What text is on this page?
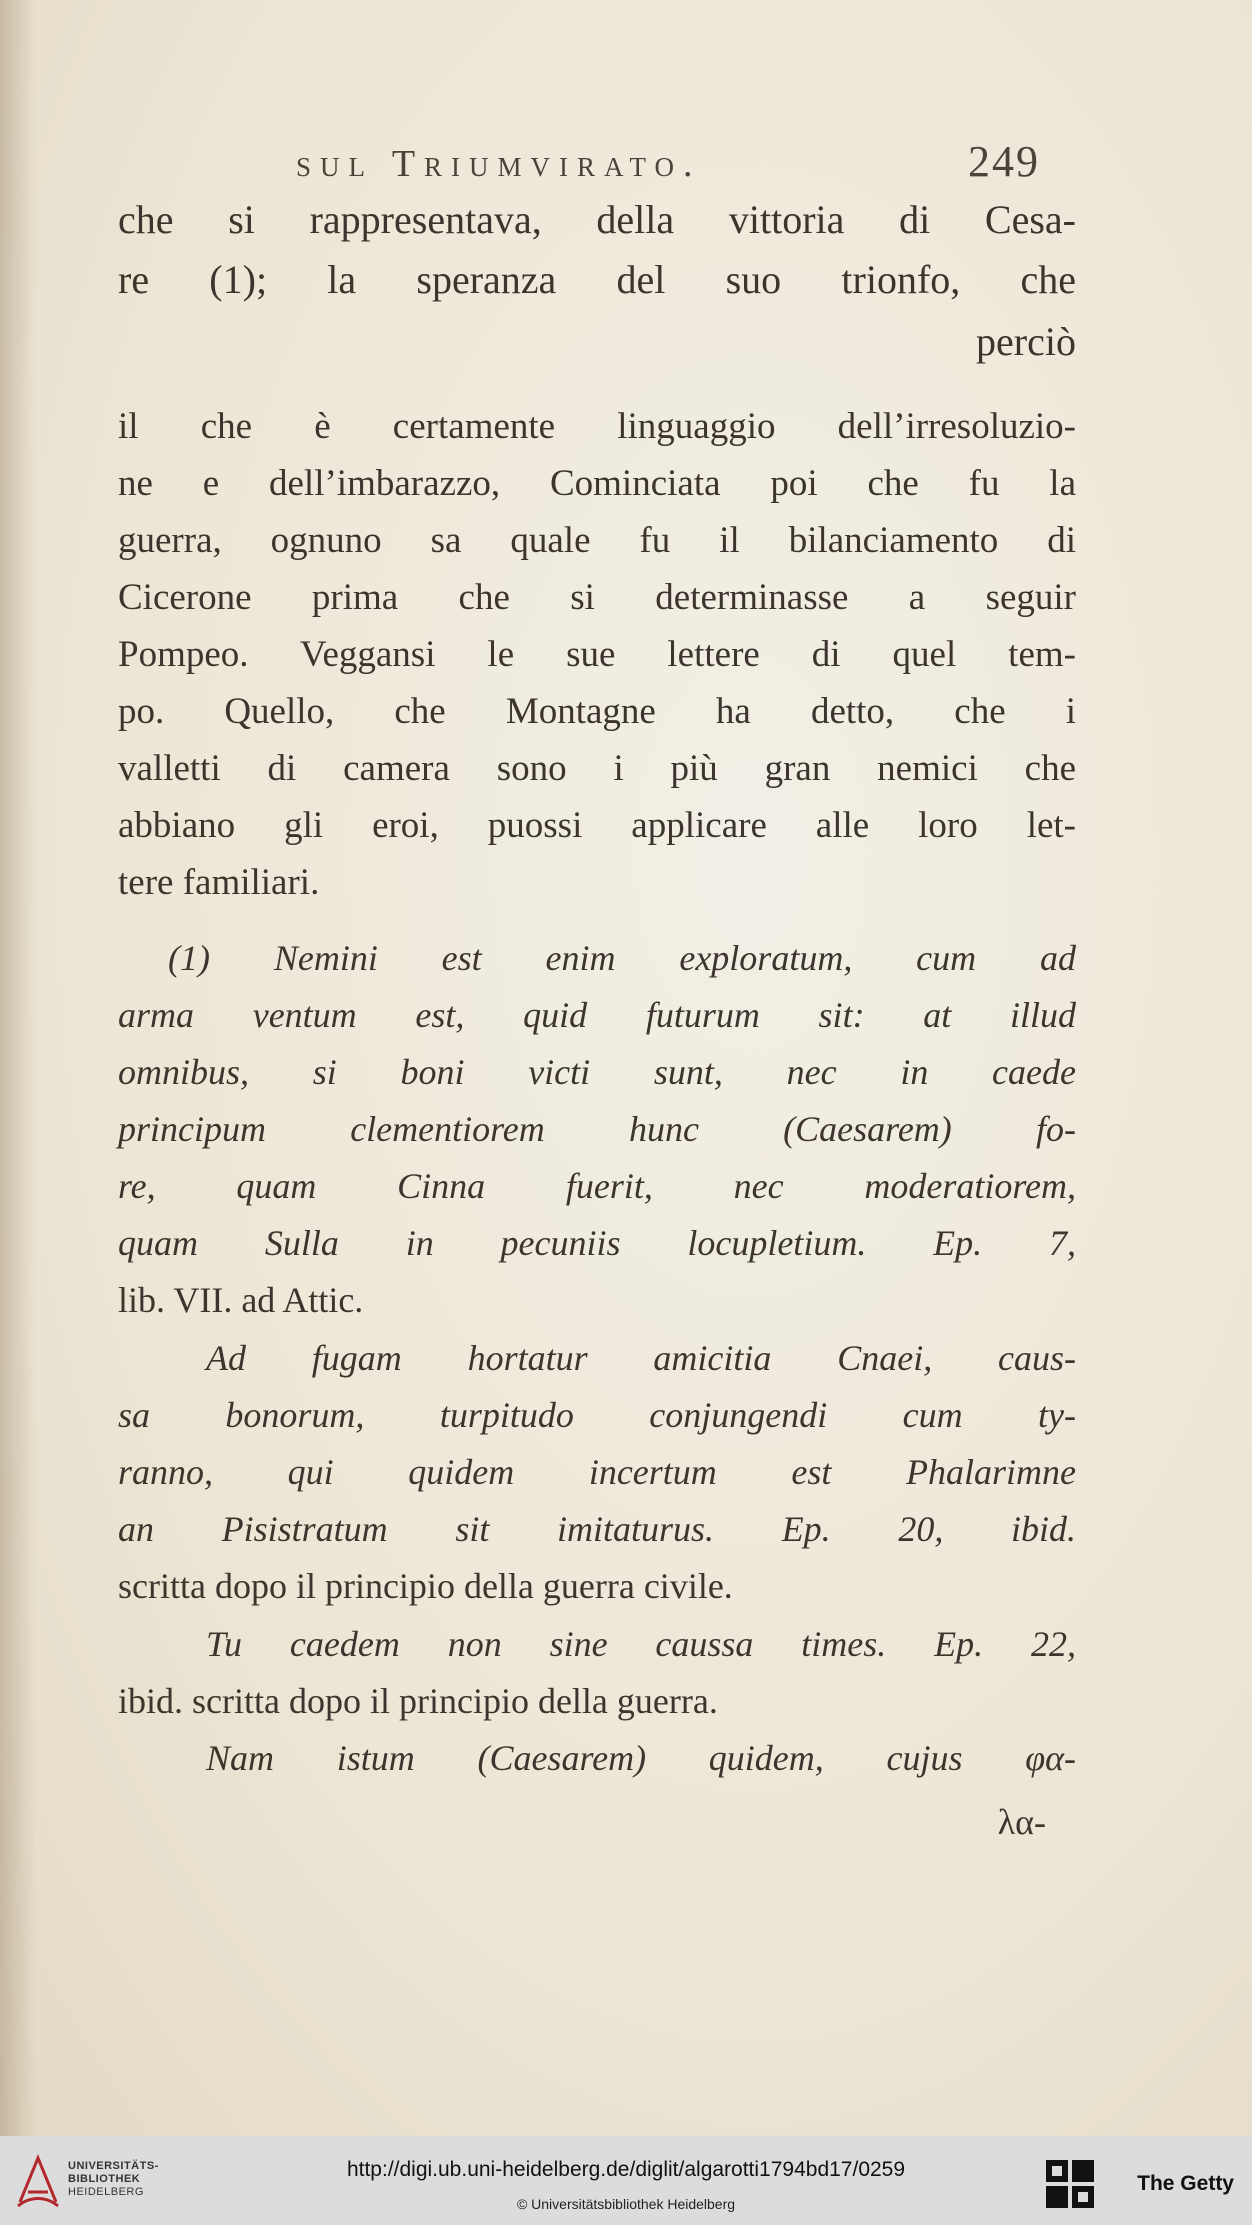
sul Triumvirato.	249
che si rappresentava, della vittoria di Cesa-
re (1); la speranza del suo trionfo, che
perciò
il che è certamente linguaggio dell’irresoluzio-
ne e dell’imbarazzo, Cominciata poi che fu la
guerra, ognuno sa quale fu il bilanciamento di
Cicerone prima che si determinasse a seguir
Pompeo. Veggansi le sue lettere di quel tem-
po. Quello, che Montagne ha detto, che i
valletti di camera sono i più gran nemici che
abbiano gli eroi, puossi applicare alle loro let-
tere familiari.
(1) Nemini est enim exploratum, cum ad
arma ventum est, quid futurum sit: at illud
omnibus, si boni victi sunt, nec in caede
principum clementiorem hunc (Caesarem) fo-
re, quam Cinna fuerit, nec moderatiorem,
quam Sulla in pecuniis locupletium. Ep. 7,
lib. VII. ad Attic.
Ad fugam hortatur amicitia Cnaei, caus-
sa bonorum, turpitudo conjungendi cum ty-
ranno, qui quidem incertum est Phalarimne
an Pisistratum sit imitaturus. Ep. 20, ibid.
scritta dopo il principio della guerra civile.
Tu caedem non sine caussa times. Ep. 22,
ibid. scritta dopo il principio della guerra.
Nam istum (Caesarem) quidem, cujus φα-
λα-
UNIVERSITÄTS-
BIBLIOTHEK
HEIDELBERG
http://digi.ub.uni-heidelberg.de/diglit/algarotti1794bd17/0259
© Universitätsbibliothek Heidelberg
The Getty
